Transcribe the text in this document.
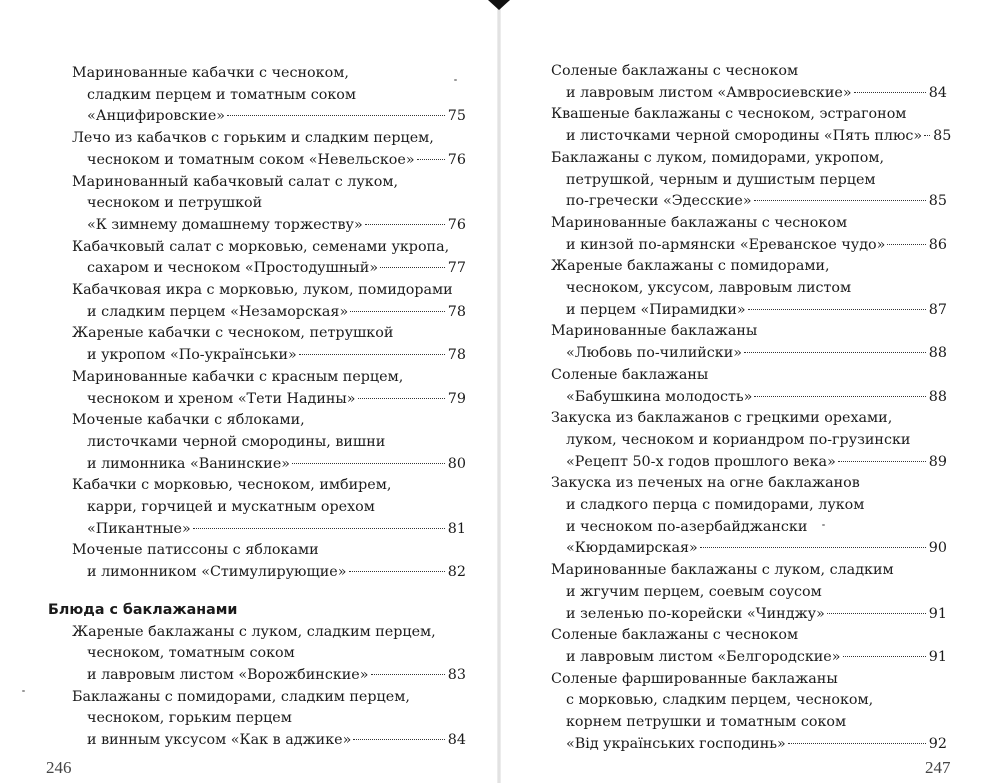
Маринованные кабачки с чесноком,
сладким перцем и томатным соком
«Анцифировские»	75
Лечо из кабачков с горьким и сладким перцем,
чесноком и томатным соком «Невельское» 76
Маринованный кабачковый салат с луком,
чесноком и петрушкой
«К зимнему домашнему торжеству»	76
Кабачковый салат с морковью, семенами укропа,
сахаром и чесноком «Простодушный»	77
Кабачковая икра с морковью, луком, помидорами
и сладким перцем «Незаморская»	78
Жареные кабачки с чесноком, петрушкой
и укропом «По-українськи»	78
Маринованные кабачки с красным перцем,
чесноком и хреном «Тети Надины»	79
Моченые кабачки с яблоками,
листочками черной смородины, вишни
и лимонника «Ванинские»	80
Кабачки с морковью, чесноком, имбирем,
карри, горчицей и мускатным орехом
«Пикантные»	81
Моченые патиссоны с яблоками
и лимонником «Стимулирующие»	82
Блюда с баклажанами
Жареные баклажаны с луком, сладким перцем,
чесноком, томатным соком
и лавровым листом «Ворожбинские»	83
Баклажаны с помидорами, сладким перцем,
чесноком, горьким перцем
и винным уксусом «Как в аджике»	84
246
Соленые баклажаны с чесноком
и лавровым листом «Амвросиевские»	84
Квашеные баклажаны с чесноком, эстрагоном
и листочками черной смородины «Пять плюс» 85
Баклажаны с луком, помидорами, укропом,
петрушкой, черным и душистым перцем
по-гречески «Эдесские»	85
Маринованные баклажаны с чесноком
и кинзой по-армянски «Ереванское чудо»	86
Жареные баклажаны с помидорами,
чесноком, уксусом, лавровым листом
и перцем «Пирамидки»	87
Маринованные баклажаны
«Любовь по-чилийски»	88
Соленые баклажаны
«Бабушкина молодость»	88
Закуска из баклажанов с грецкими орехами,
луком, чесноком и кориандром по-грузински
«Рецепт 50-х годов прошлого века»	89
Закуска из печеных на огне баклажанов
и сладкого перца с помидорами, луком
и чесноком по-азербайджански
«Кюрдамирская»	90
Маринованные баклажаны с луком, сладким
и жгучим перцем, соевым соусом
и зеленью по-корейски «Чинджу»	91
Соленые баклажаны с чесноком
и лавровым листом «Белгородские»	91
Соленые фаршированные баклажаны
с морковью, сладким перцем, чесноком,
корнем петрушки и томатным соком
«Від українських господинь»	92
247
